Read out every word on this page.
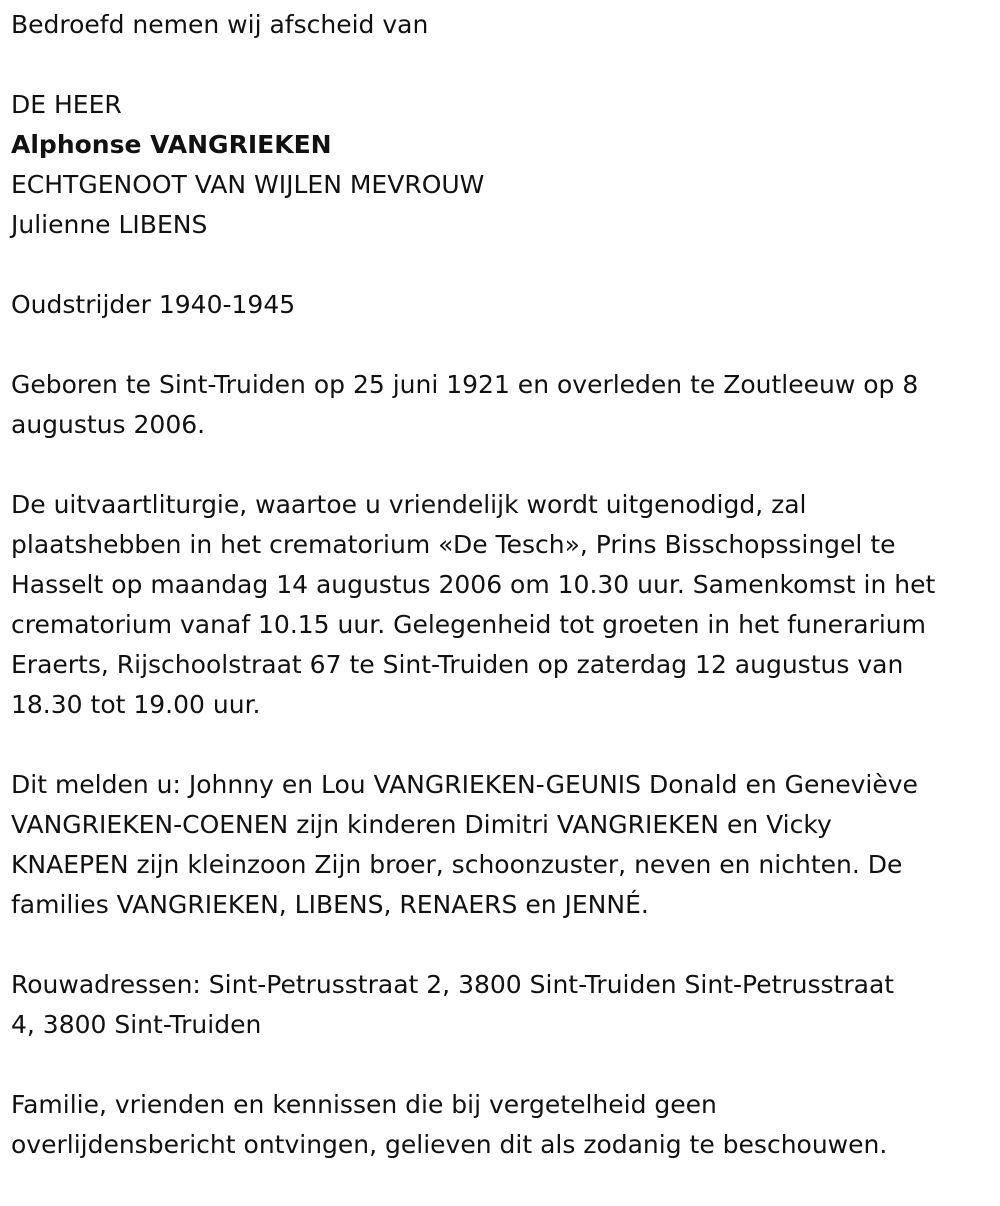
Bedroefd nemen wij afscheid van

DE HEER

Alphonse VANGRIEKEN

ECHTGENOOT VAN WIJLEN MEVROUW

Julienne LIBENS

Oudstrijder 1940-1945

Geboren te Sint-Truiden op 25 juni 1921 en overleden te Zoutleeuw op 8

augustus 2006.

De uitvaartliturgie, waartoe u vriendelijk wordt uitgenodigd, zal

plaatshebben in het crematorium «De Tesch», Prins Bisschopssingel te

Hasselt op maandag 14 augustus 2006 om 10.30 uur. Samenkomst in het

crematorium vanaf 10.15 uur. Gelegenheid tot groeten in het funerarium

Eraerts, Rijschoolstraat 67 te Sint-Truiden op zaterdag 12 augustus van

18.30 tot 19.00 uur.

Dit melden u: Johnny en Lou VANGRIEKEN-GEUNIS Donald en Geneviève

VANGRIEKEN-COENEN zijn kinderen Dimitri VANGRIEKEN en Vicky

KNAEPEN zijn kleinzoon Zijn broer, schoonzuster, neven en nichten. De

families VANGRIEKEN, LIBENS, RENAERS en JENNÉ.

Rouwadressen: Sint-Petrusstraat 2, 3800 Sint-Truiden Sint-Petrusstraat

4, 3800 Sint-Truiden

Familie, vrienden en kennissen die bij vergetelheid geen

overlijdensbericht ontvingen, gelieven dit als zodanig te beschouwen.
